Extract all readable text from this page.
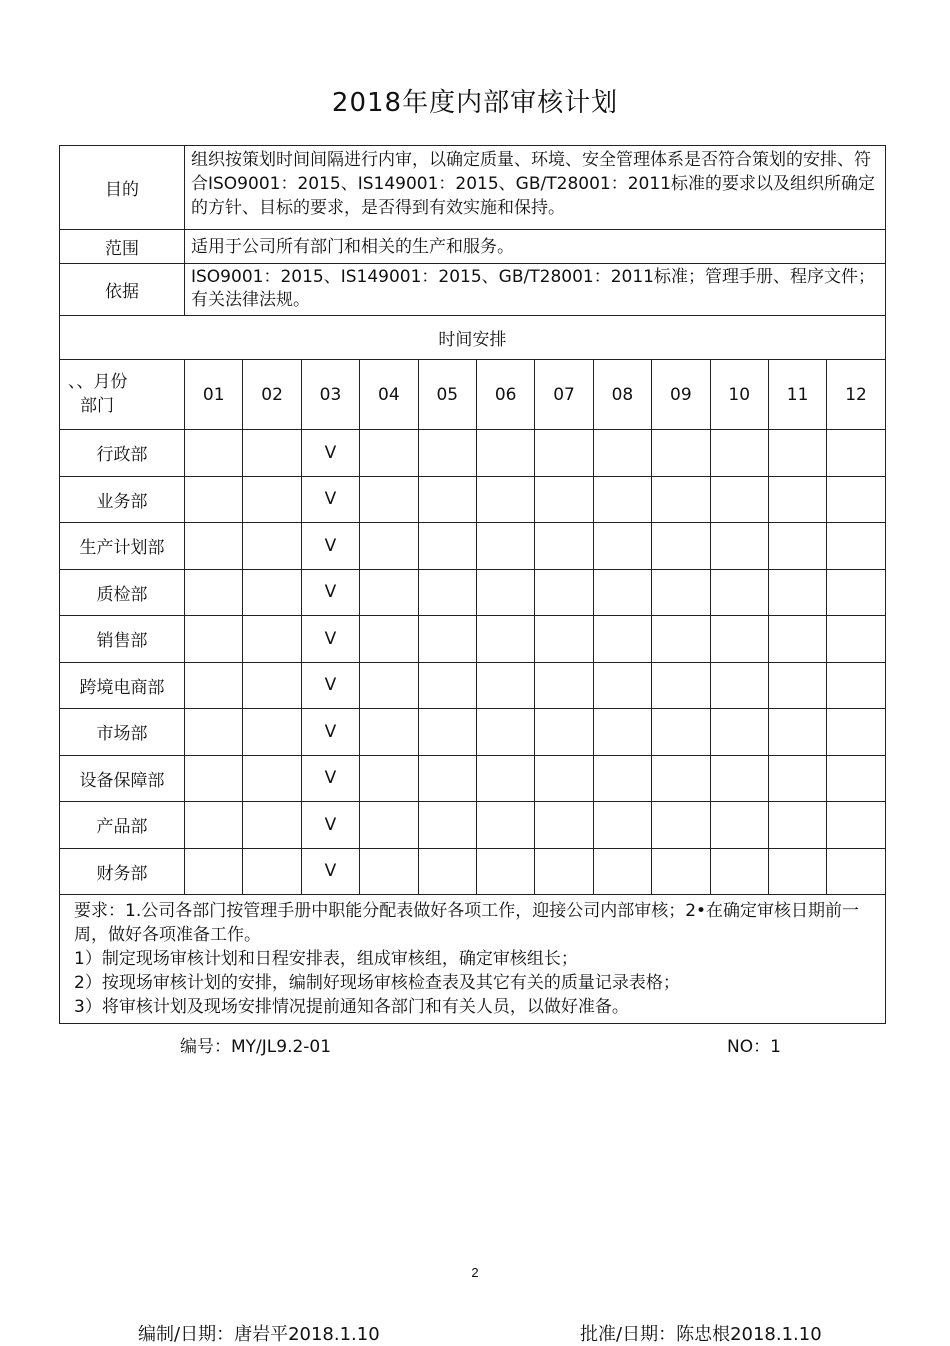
2018年度内部审核计划
目的	组织按策划时间间隔进行内审，以确定质量、环境、安全管理体系是否符合策划的安排、符合ISO9001：2015、IS149001：2015、GB/T28001：2011标准的要求以及组织所确定的方针、目标的要求，是否得到有效实施和保持。											
范围	适用于公司所有部门和相关的生产和服务。											
依据	ISO9001：2015、IS149001：2015、GB/T28001：2011标准；管理手册、程序文件；有关法律法规。											
时间安排												

、、月份
部门	01	02	03	04	05	06	07	08	09	10	11	12
行政部			V									
业务部			V									
生产计划部			V									
质检部			V									
销售部			V									
跨境电商部			V									
市场部			V									
设备保障部			V									
产品部			V									
财务部			V									

要求：1.公司各部门按管理手册中职能分配表做好各项工作，迎接公司内部审核；2•在确定审核日期前一周，做好各项准备工作。
1）制定现场审核计划和日程安排表，组成审核组，确定审核组长；
2）按现场审核计划的安排，编制好现场审核检查表及其它有关的质量记录表格；
3）将审核计划及现场安排情况提前通知各部门和有关人员，以做好准备。												
编号：MY/JL9.2-01	NO：1
2
编制/日期：唐岩平2018.1.10	批准/日期：陈忠根2018.1.10
